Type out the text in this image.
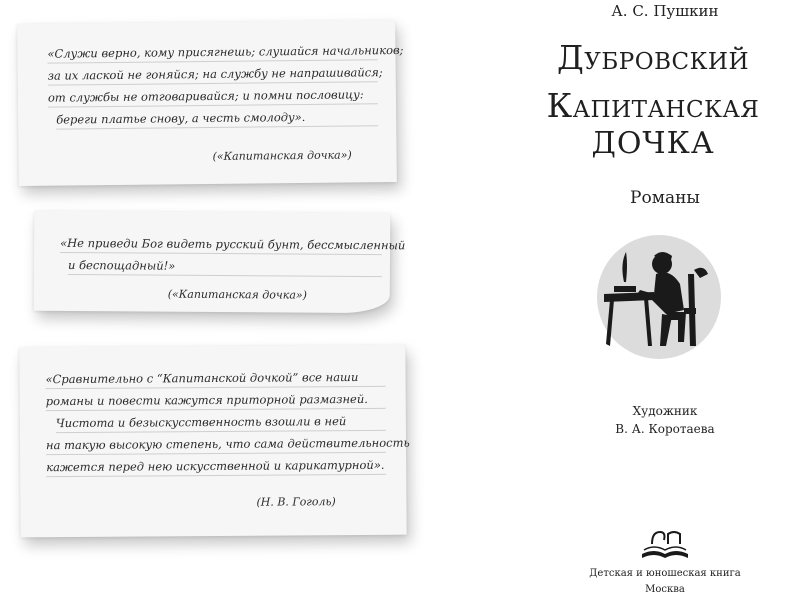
«Служи верно, кому присягнешь; слушайся начальников;
за их лаской не гоняйся; на службу не напрашивайся;
от службы не отговаривайся; и помни пословицу:
береги платье снову, а честь смолоду».
(«Капитанская дочка»)
«Не приведи Бог видеть русский бунт, бессмысленный
и беспощадный!»
(«Капитанская дочка»)
«Сравнительно с “Капитанской дочкой” все наши
романы и повести кажутся приторной размазней.
Чистота и безыскусственность взошли в ней
на такую высокую степень, что сама действительность
кажется перед нею искусственной и карикатурной».
(Н. В. Гоголь)
А. С. Пушкин
Дубровский
Капитанская
ДОЧКА
Романы
Художник
В. А. Коротаева
Детская и юношеская книга
Москва
